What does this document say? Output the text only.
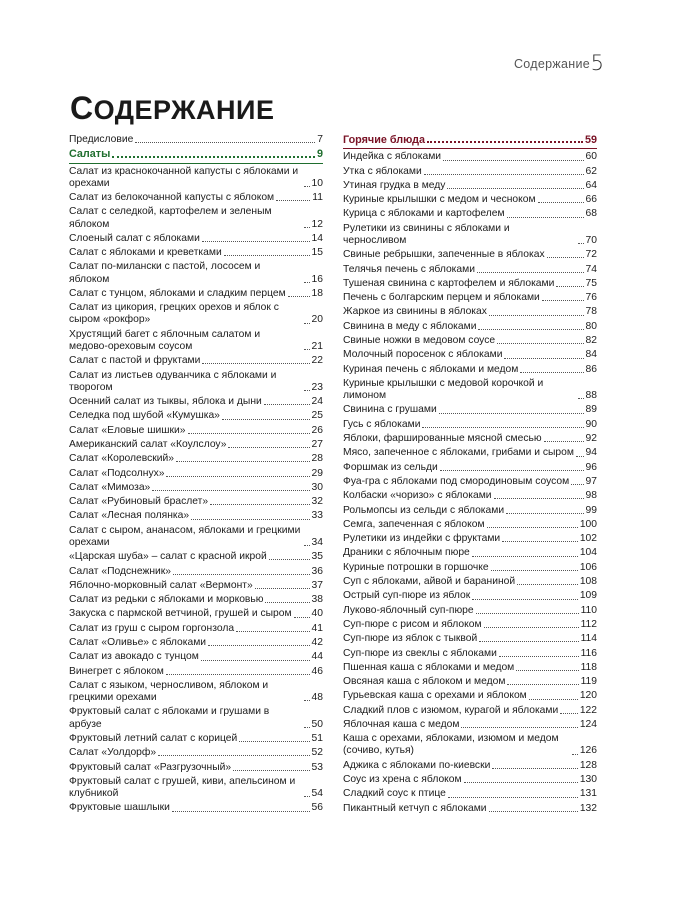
Содержание 5
СОДЕРЖАНИЕ
Предисловие	7
Салаты	9
Салат из краснокочанной капусты с яблоками и орехами	10
Салат из белокочанной капусты с яблоком	11
Салат с селедкой, картофелем и зеленым яблоком	12
Слоеный салат с яблоками	14
Салат с яблоками и креветками	15
Салат по-милански с пастой, лососем и яблоком	16
Салат с тунцом, яблоками и сладким перцем	18
Салат из цикория, грецких орехов и яблок с сыром «рокфор»	20
Хрустящий багет с яблочным салатом и медово-ореховым соусом	21
Салат с пастой и фруктами	22
Салат из листьев одуванчика с яблоками и творогом	23
Осенний салат из тыквы, яблока и дыни	24
Селедка под шубой «Кумушка»	25
Салат «Еловые шишки»	26
Американский салат «Коулслоу»	27
Салат «Королевский»	28
Салат «Подсолнух»	29
Салат «Мимоза»	30
Салат «Рубиновый браслет»	32
Салат «Лесная полянка»	33
Салат с сыром, ананасом, яблоками и грецкими орехами	34
«Царская шуба» – салат с красной икрой	35
Салат «Подснежник»	36
Яблочно-морковный салат «Вермонт»	37
Салат из редьки с яблоками и морковью	38
Закуска с пармской ветчиной, грушей и сыром 40
Салат из груш с сыром горгонзола	41
Салат «Оливье» с яблоками	42
Салат из авокадо с тунцом	44
Винегрет с яблоком	46
Салат с языком, черносливом, яблоком и грецкими орехами	48
Фруктовый салат с яблоками и грушами в арбузе	50
Фруктовый летний салат с корицей	51
Салат «Уолдорф»	52
Фруктовый салат «Разгрузочный»	53
Фруктовый салат с грушей, киви, апельсином и клубникой	54
Фруктовые шашлыки	56
Горячие блюда	59
Индейка с яблоками	60
Утка с яблоками	62
Утиная грудка в меду	64
Куриные крылышки с медом и чесноком	66
Курица с яблоками и картофелем	68
Рулетики из свинины с яблоками и черносливом	70
Свиные ребрышки, запеченные в яблоках	72
Телячья печень с яблоками	74
Тушеная свинина с картофелем и яблоками	75
Печень с болгарским перцем и яблоками	76
Жаркое из свинины в яблоках	78
Свинина в меду с яблоками	80
Свиные ножки в медовом соусе	82
Молочный поросенок с яблоками	84
Куриная печень с яблоками и медом	86
Куриные крылышки с медовой корочкой и лимоном	88
Свинина с грушами	89
Гусь с яблоками	90
Яблоки, фаршированные мясной смесью	92
Мясо, запеченное с яблоками, грибами и сыром 94
Форшмак из сельди	96
Фуа-гра с яблоками под смородиновым соусом 97
Колбаски «чоризо» с яблоками	98
Рольмопсы из сельди с яблоками	99
Семга, запеченная с яблоком	100
Рулетики из индейки с фруктами	102
Драники с яблочным пюре	104
Куриные потрошки в горшочке	106
Суп с яблоками, айвой и бараниной	108
Острый суп-пюре из яблок	109
Луково-яблочный суп-пюре	110
Суп-пюре с рисом и яблоком	112
Суп-пюре из яблок с тыквой	114
Суп-пюре из свеклы с яблоками	116
Пшенная каша с яблоками и медом	118
Овсяная каша с яблоком и медом	119
Гурьевская каша с орехами и яблоком	120
Сладкий плов с изюмом, курагой и яблоками 122
Яблочная каша с медом	124
Каша с орехами, яблоками, изюмом и медом (сочиво, кутья)	126
Аджика с яблоками по-киевски	128
Соус из хрена с яблоком	130
Сладкий соус к птице	131
Пикантный кетчуп с яблоками	132
